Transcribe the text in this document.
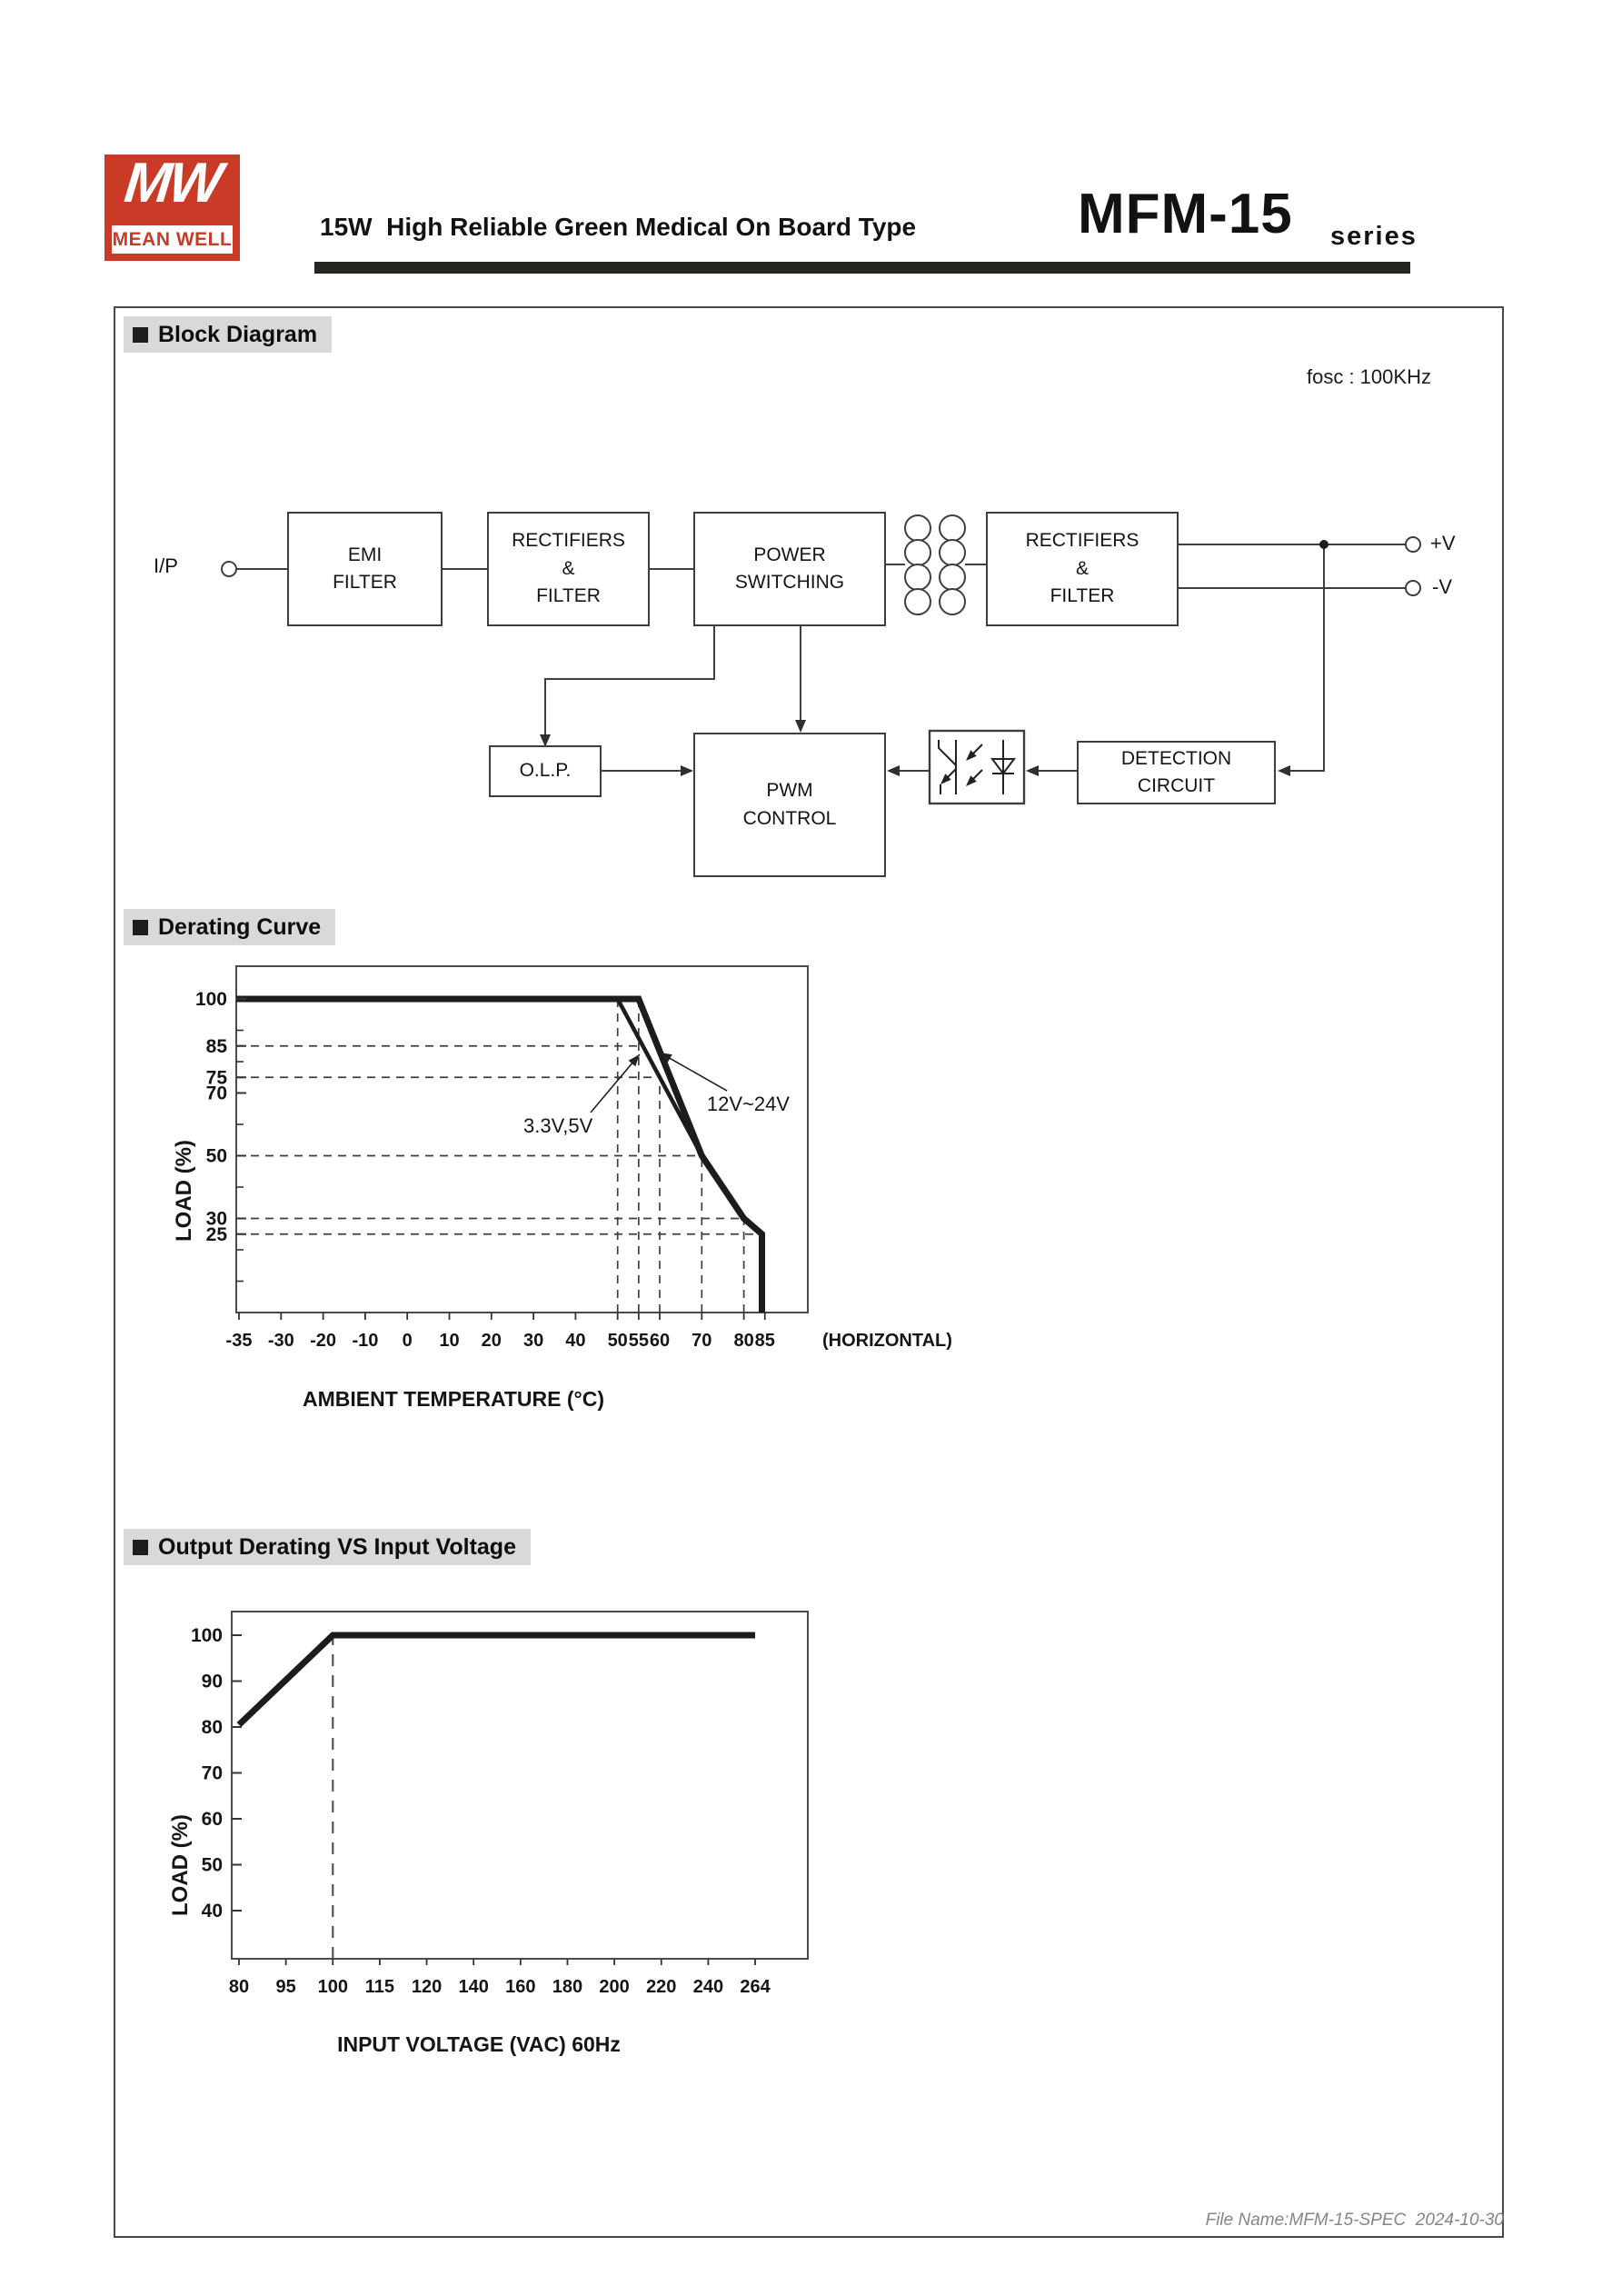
MW
MEAN WELL	15W  High Reliable Green Medical On Board Type	MFM-15 series
Block Diagram
fosc : 100KHz
I/P	EMI
FILTER
RECTIFIERS
&
FILTER
POWER
SWITCHING
RECTIFIERS
&
FILTER
O.L.P.
PWM
CONTROL
DETECTION
CIRCUIT
+V
-V
Derating Curve
100
85
75
70
50
30
25
-35 -30 -20 -10 0 10 20 30 40 50 55 60 70 80 85	(HORIZONTAL)
AMBIENT TEMPERATURE (°C)
LOAD (%)
3.3V,5V
12V~24V
Output Derating VS Input Voltage
100
90
80
70
60
50
40
80 95 100 115 120 140 160 180 200 220 240 264
INPUT VOLTAGE (VAC) 60Hz
LOAD (%)
File Name:MFM-15-SPEC  2024-10-30
